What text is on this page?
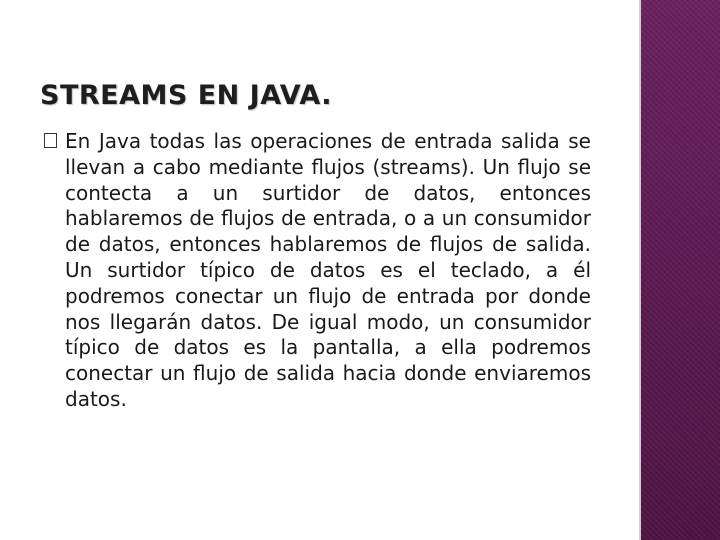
STREAMS EN JAVA.

En Java todas las operaciones de entrada salida se llevan a cabo mediante flujos (streams). Un flujo se contecta a un surtidor de datos, entonces hablaremos de flujos de entrada, o a un consumidor de datos, entonces hablaremos de flujos de salida. Un surtidor típico de datos es el teclado, a él podremos conectar un flujo de entrada por donde nos llegarán datos. De igual modo, un consumidor típico de datos es la pantalla, a ella podremos conectar un flujo de salida hacia donde enviaremos datos.
